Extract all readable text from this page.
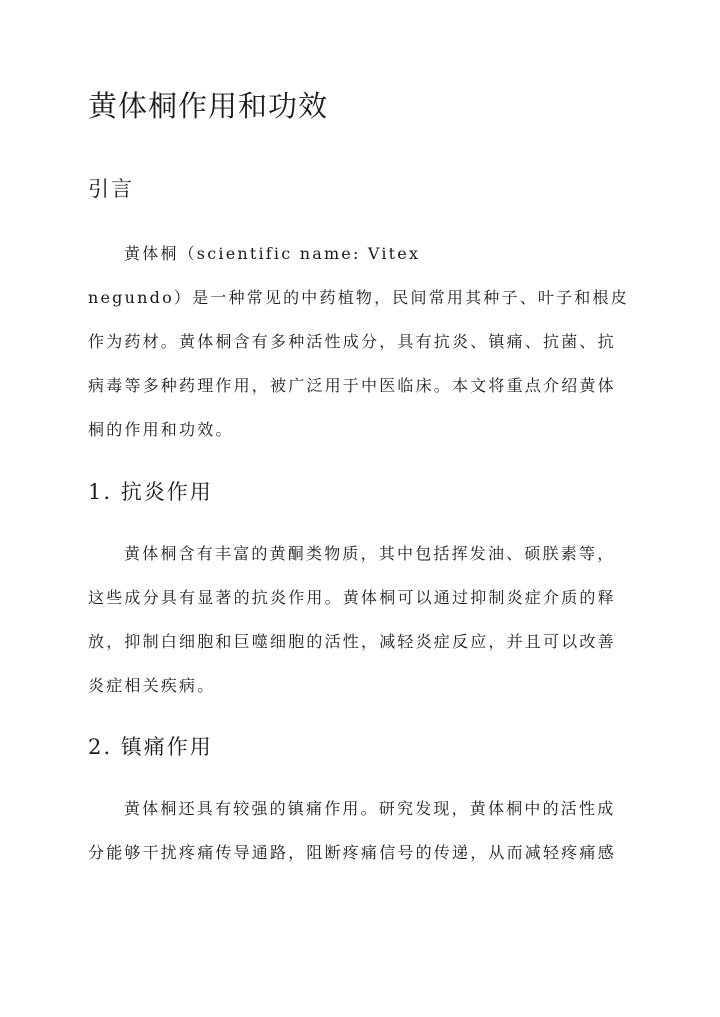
黄体桐作用和功效
引言

黄体桐（scientific name: Vitex
negundo）是一种常见的中药植物，民间常用其种子、叶子和根皮
作为药材。黄体桐含有多种活性成分，具有抗炎、镇痛、抗菌、抗
病毒等多种药理作用，被广泛用于中医临床。本文将重点介绍黄体
桐的作用和功效。

1. 抗炎作用

黄体桐含有丰富的黄酮类物质，其中包括挥发油、硕朕素等，
这些成分具有显著的抗炎作用。黄体桐可以通过抑制炎症介质的释
放，抑制白细胞和巨噬细胞的活性，减轻炎症反应，并且可以改善
炎症相关疾病。

2. 镇痛作用

黄体桐还具有较强的镇痛作用。研究发现，黄体桐中的活性成
分能够干扰疼痛传导通路，阻断疼痛信号的传递，从而减轻疼痛感
